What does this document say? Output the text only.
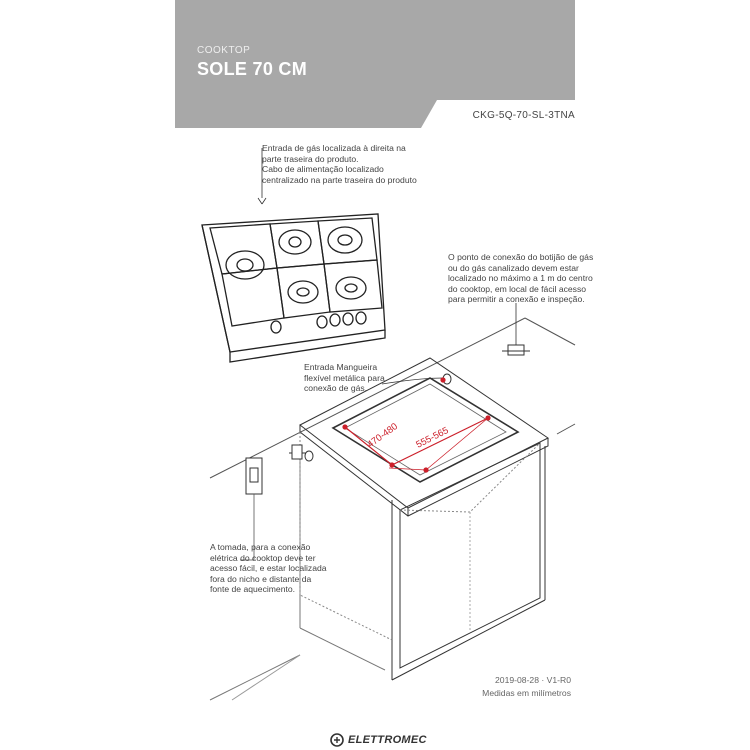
COOKTOP
SOLE 70 CM
CKG-5Q-70-SL-3TNA
470-480 555-565

Entrada de gás localizada à direita na

parte traseira do produto.

Cabo de alimentação localizado

centralizado na parte traseira do produto

O ponto de conexão do botijão de gás

ou do gás canalizado devem estar

localizado no máximo a 1 m do centro

do cooktop, em local de fácil acesso

para permitir a conexão e inspeção.

Entrada Mangueira

flexível metálica para

conexão de gás.

A tomada, para a conexão

elétrica do cooktop deve ter

acesso fácil, e estar localizada

fora do nicho e distante da

fonte de aquecimento.

2019-08-28 · V1-R0
Medidas em milímetros
ELETTROMEC
